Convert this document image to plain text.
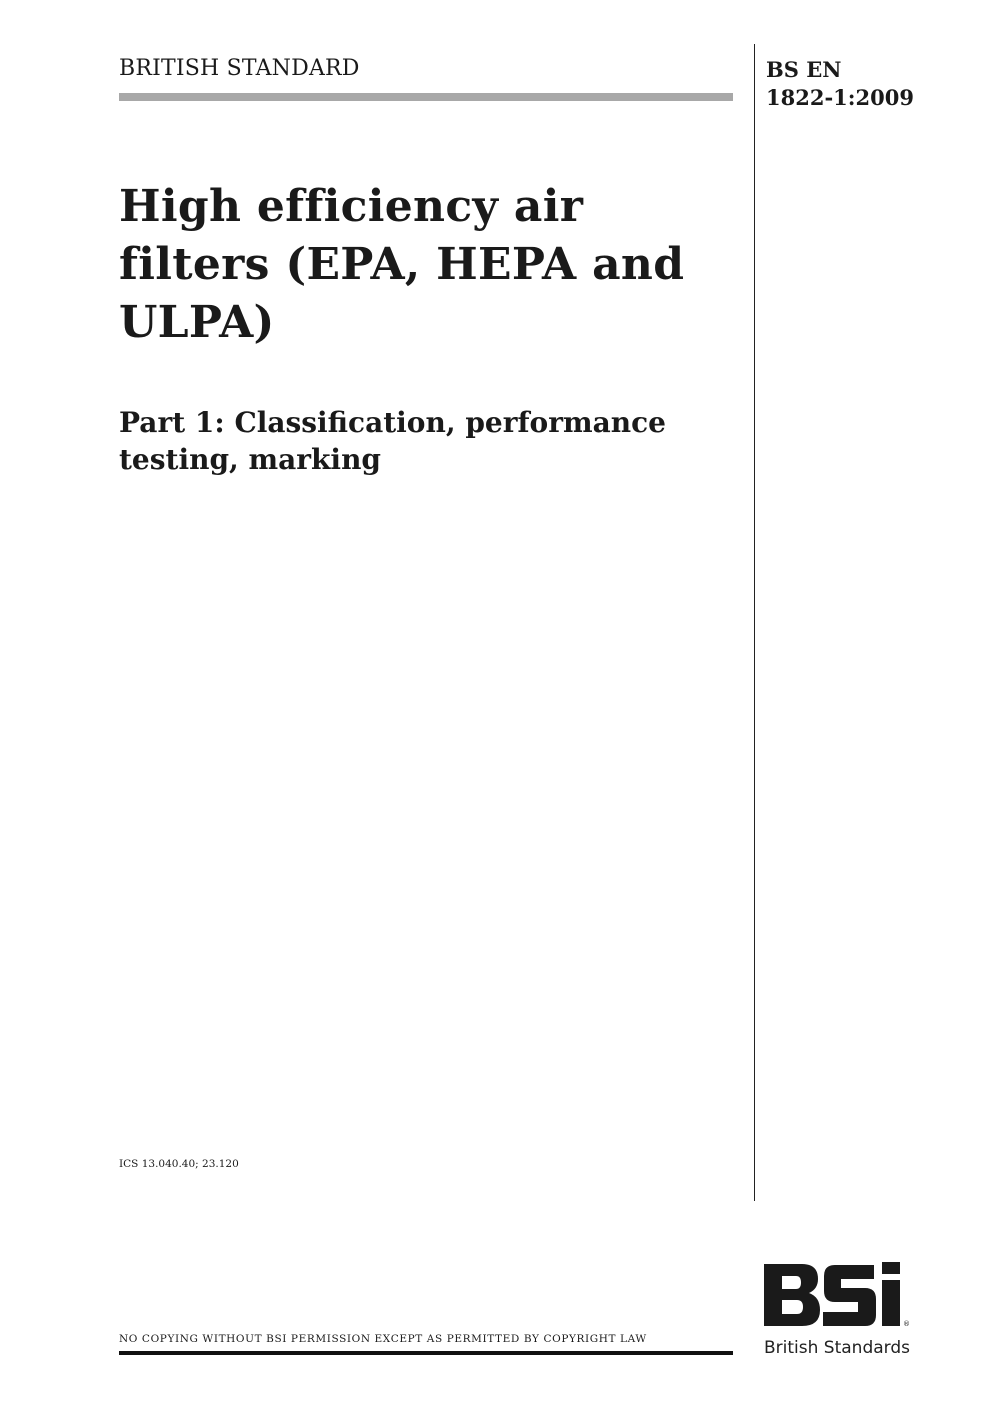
BRITISH STANDARD	BS EN
1822-1:2009
High efficiency air
filters (EPA, HEPA and
ULPA)
Part 1: Classification, performance
testing, marking
ICS 13.040.40; 23.120
NO COPYING WITHOUT BSI PERMISSION EXCEPT AS PERMITTED BY COPYRIGHT LAW
®
British Standards
